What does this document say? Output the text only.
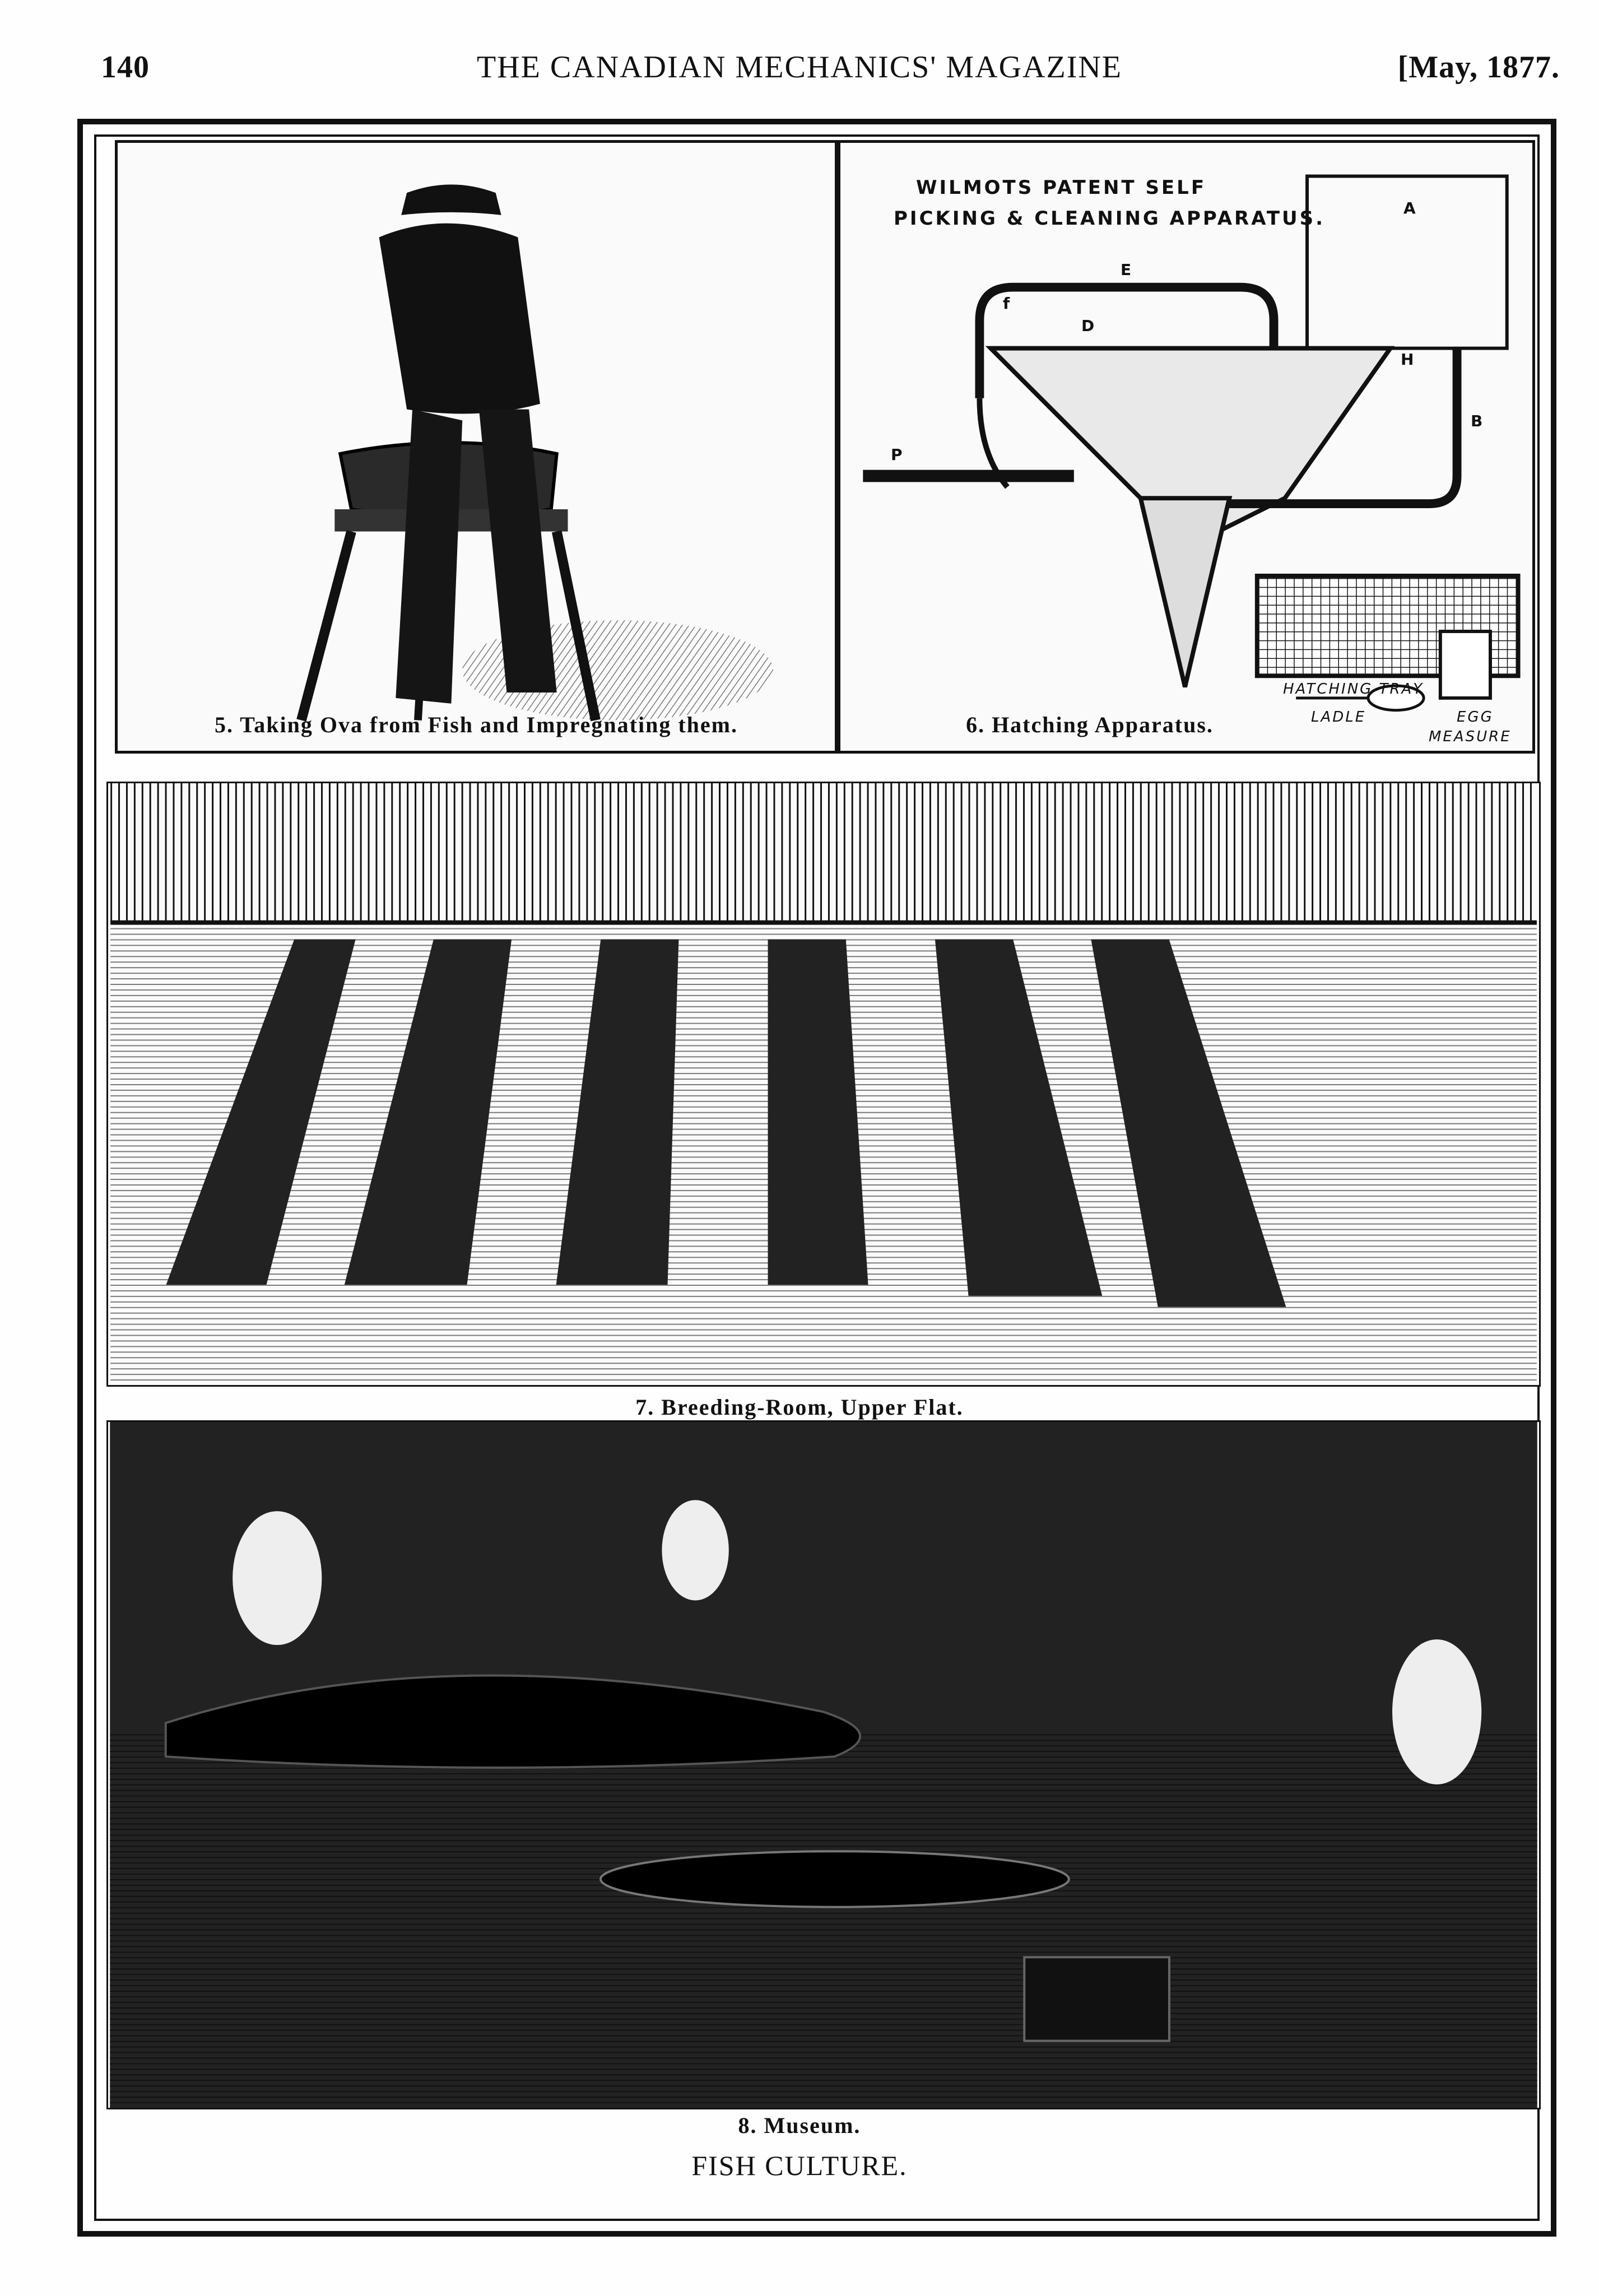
140	THE CANADIAN MECHANICS' MAGAZINE	[May, 1877.
WILMOTS PATENT SELF
PICKING & CLEANING APPARATUS.	A
B
D
E
f
H
P
HATCHING TRAY
LADLE	EGG
MEASURE
5. Taking Ova from Fish and Impregnating them.	6. Hatching Apparatus.
7. Breeding-Room, Upper Flat.
8. Museum.
FISH CULTURE.
